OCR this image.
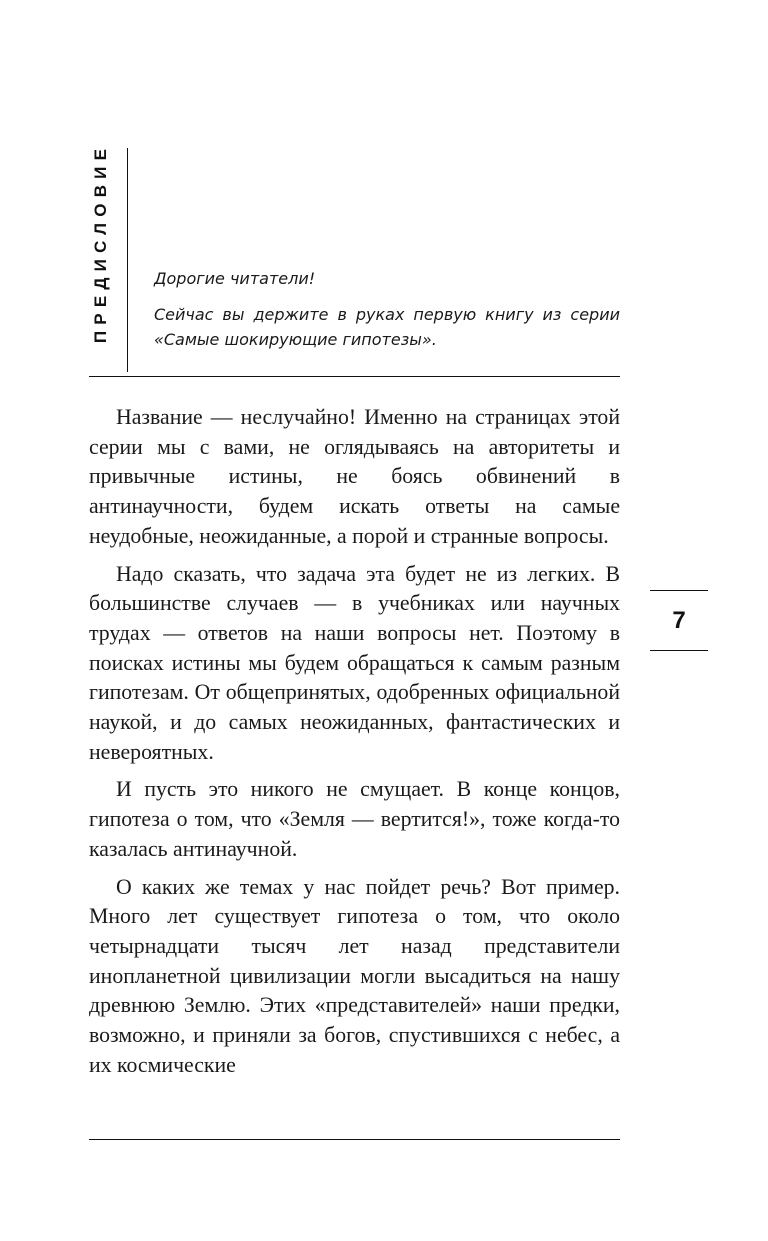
ПРЕДИСЛОВИЕ	Дорогие читатели!

Сейчас вы держите в руках первую книгу из серии «Самые шокирующие гипотезы».

Название — неслучайно! Именно на страницах этой серии мы с вами, не оглядываясь на авторитеты и привычные истины, не боясь обвинений в антинаучности, будем искать ответы на самые неудобные, неожиданные, а порой и странные вопросы.

Надо сказать, что задача эта будет не из легких. В большинстве случаев — в учебниках или научных трудах — ответов на наши вопросы нет. Поэтому в поисках истины мы будем обращаться к самым разным гипотезам. От общепринятых, одобренных официальной наукой, и до самых неожиданных, фантастических и невероятных.

И пусть это никого не смущает. В конце концов, гипотеза о том, что «Земля — вертится!», тоже когда-то казалась антинаучной.

О каких же темах у нас пойдет речь? Вот пример. Много лет существует гипотеза о том, что около четырнадцати тысяч лет назад представители инопланетной цивилизации могли высадиться на нашу древнюю Землю. Этих «представителей» наши предки, возможно, и приняли за богов, спустившихся с небес, а их космические

7
